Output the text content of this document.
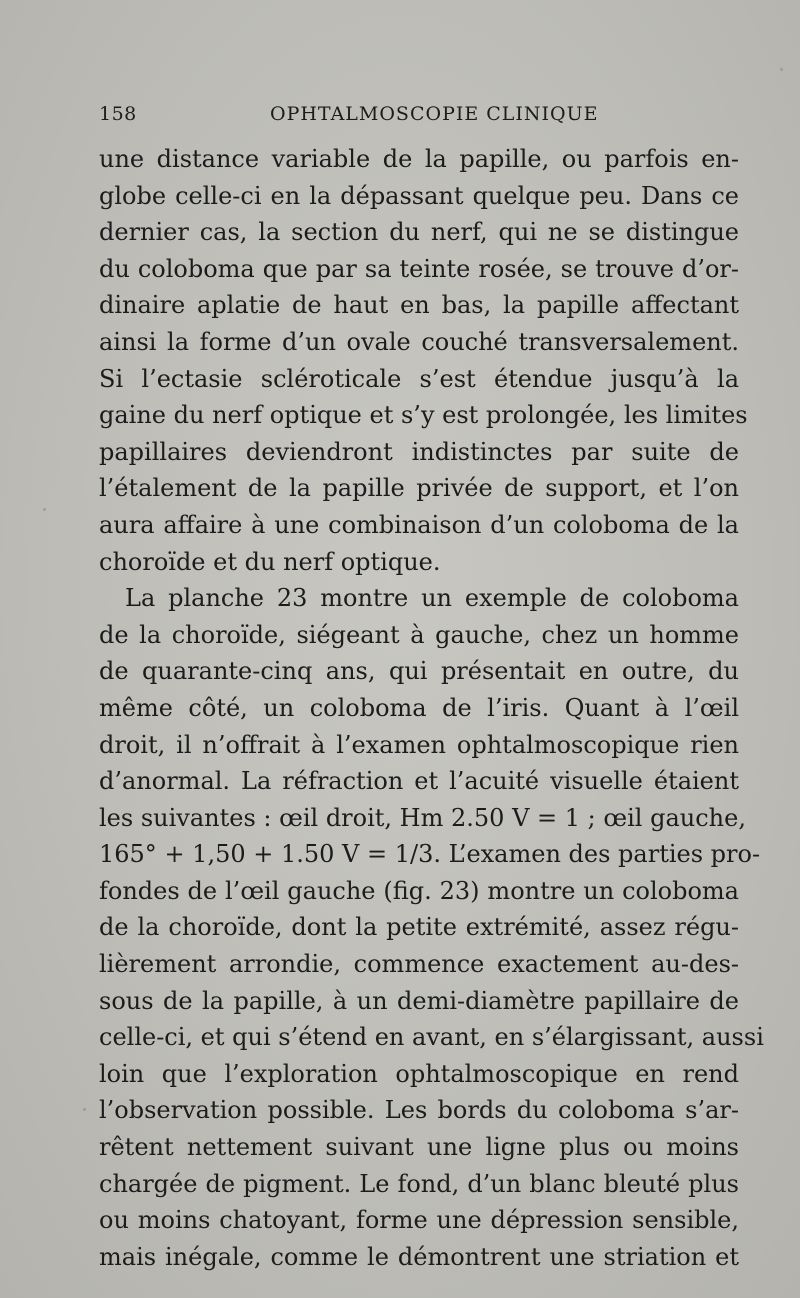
158	OPHTALMOSCOPIE CLINIQUE
une distance variable de la papille, ou parfois en-
globe celle-ci en la dépassant quelque peu. Dans ce
dernier cas, la section du nerf, qui ne se distingue
du coloboma que par sa teinte rosée, se trouve d’or-
dinaire aplatie de haut en bas, la papille affectant
ainsi la forme d’un ovale couché transversalement.
Si l’ectasie scléroticale s’est étendue jusqu’à la
gaine du nerf optique et s’y est prolongée, les limites
papillaires deviendront indistinctes par suite de
l’étalement de la papille privée de support, et l’on
aura affaire à une combinaison d’un coloboma de la
choroïde et du nerf optique.
La planche 23 montre un exemple de coloboma
de la choroïde, siégeant à gauche, chez un homme
de quarante-cinq ans, qui présentait en outre, du
même côté, un coloboma de l’iris. Quant à l’œil
droit, il n’offrait à l’examen ophtalmoscopique rien
d’anormal. La réfraction et l’acuité visuelle étaient
les suivantes : œil droit, Hm 2.50 V = 1 ; œil gauche,
165° + 1,50 + 1.50 V = 1/3. L’examen des parties pro-
fondes de l’œil gauche (fig. 23) montre un coloboma
de la choroïde, dont la petite extrémité, assez régu-
lièrement arrondie, commence exactement au-des-
sous de la papille, à un demi-diamètre papillaire de
celle-ci, et qui s’étend en avant, en s’élargissant, aussi
loin que l’exploration ophtalmoscopique en rend
l’observation possible. Les bords du coloboma s’ar-
rêtent nettement suivant une ligne plus ou moins
chargée de pigment. Le fond, d’un blanc bleuté plus
ou moins chatoyant, forme une dépression sensible,
mais inégale, comme le démontrent une striation et
